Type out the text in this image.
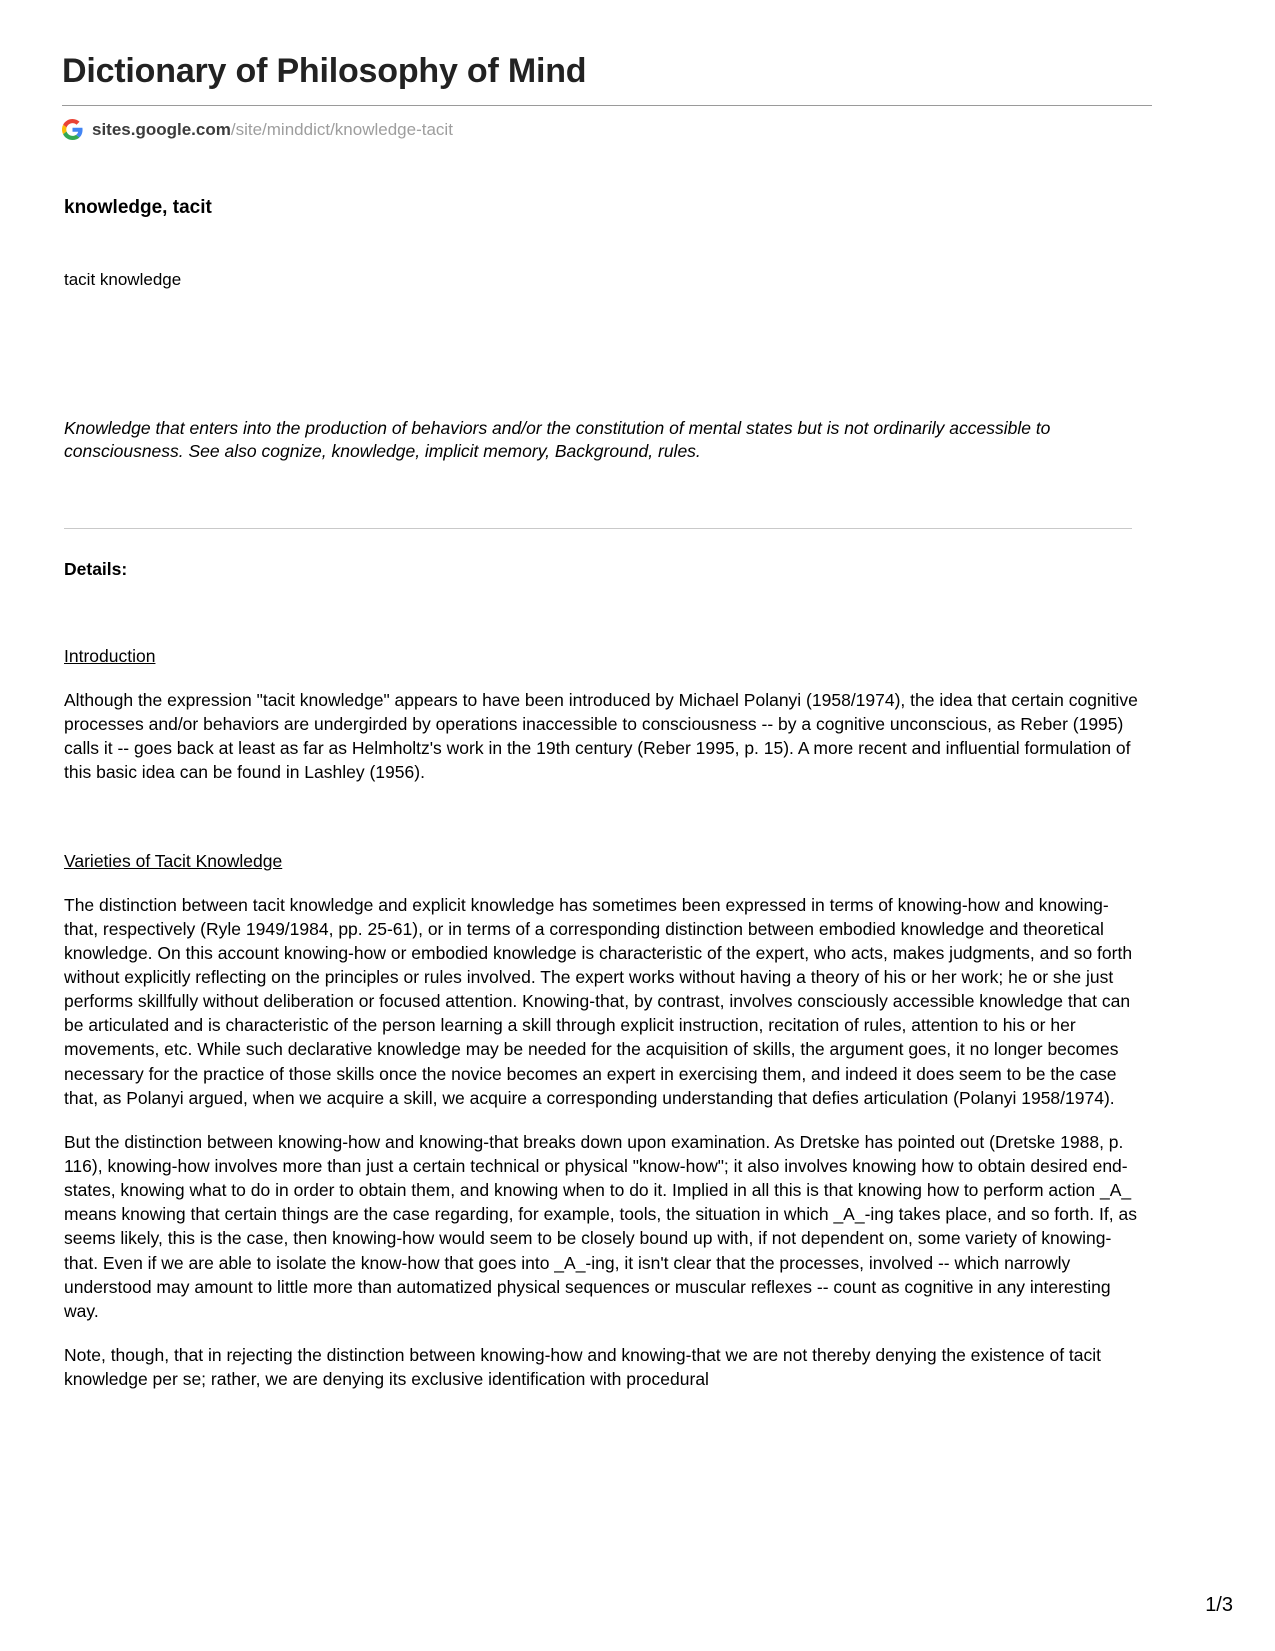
Dictionary of Philosophy of Mind
sites.google.com /site/minddict/knowledge-tacit
knowledge, tacit
tacit knowledge
Knowledge that enters into the production of behaviors and/or the constitution of mental states but is not ordinarily accessible to consciousness. See also cognize, knowledge, implicit memory, Background, rules.
Details:
Introduction
Although the expression "tacit knowledge" appears to have been introduced by Michael Polanyi (1958/1974), the idea that certain cognitive processes and/or behaviors are undergirded by operations inaccessible to consciousness -- by a cognitive unconscious, as Reber (1995) calls it -- goes back at least as far as Helmholtz's work in the 19th century (Reber 1995, p. 15). A more recent and influential formulation of this basic idea can be found in Lashley (1956).
Varieties of Tacit Knowledge
The distinction between tacit knowledge and explicit knowledge has sometimes been expressed in terms of knowing-how and knowing-that, respectively (Ryle 1949/1984, pp. 25-61), or in terms of a corresponding distinction between embodied knowledge and theoretical knowledge. On this account knowing-how or embodied knowledge is characteristic of the expert, who acts, makes judgments, and so forth without explicitly reflecting on the principles or rules involved. The expert works without having a theory of his or her work; he or she just performs skillfully without deliberation or focused attention. Knowing-that, by contrast, involves consciously accessible knowledge that can be articulated and is characteristic of the person learning a skill through explicit instruction, recitation of rules, attention to his or her movements, etc. While such declarative knowledge may be needed for the acquisition of skills, the argument goes, it no longer becomes necessary for the practice of those skills once the novice becomes an expert in exercising them, and indeed it does seem to be the case that, as Polanyi argued, when we acquire a skill, we acquire a corresponding understanding that defies articulation (Polanyi 1958/1974).
But the distinction between knowing-how and knowing-that breaks down upon examination. As Dretske has pointed out (Dretske 1988, p. 116), knowing-how involves more than just a certain technical or physical "know-how"; it also involves knowing how to obtain desired end-states, knowing what to do in order to obtain them, and knowing when to do it. Implied in all this is that knowing how to perform action _A_ means knowing that certain things are the case regarding, for example, tools, the situation in which _A_-ing takes place, and so forth. If, as seems likely, this is the case, then knowing-how would seem to be closely bound up with, if not dependent on, some variety of knowing-that. Even if we are able to isolate the know-how that goes into _A_-ing, it isn't clear that the processes, involved -- which narrowly understood may amount to little more than automatized physical sequences or muscular reflexes -- count as cognitive in any interesting way.
Note, though, that in rejecting the distinction between knowing-how and knowing-that we are not thereby denying the existence of tacit knowledge per se; rather, we are denying its exclusive identification with procedural
1/3
